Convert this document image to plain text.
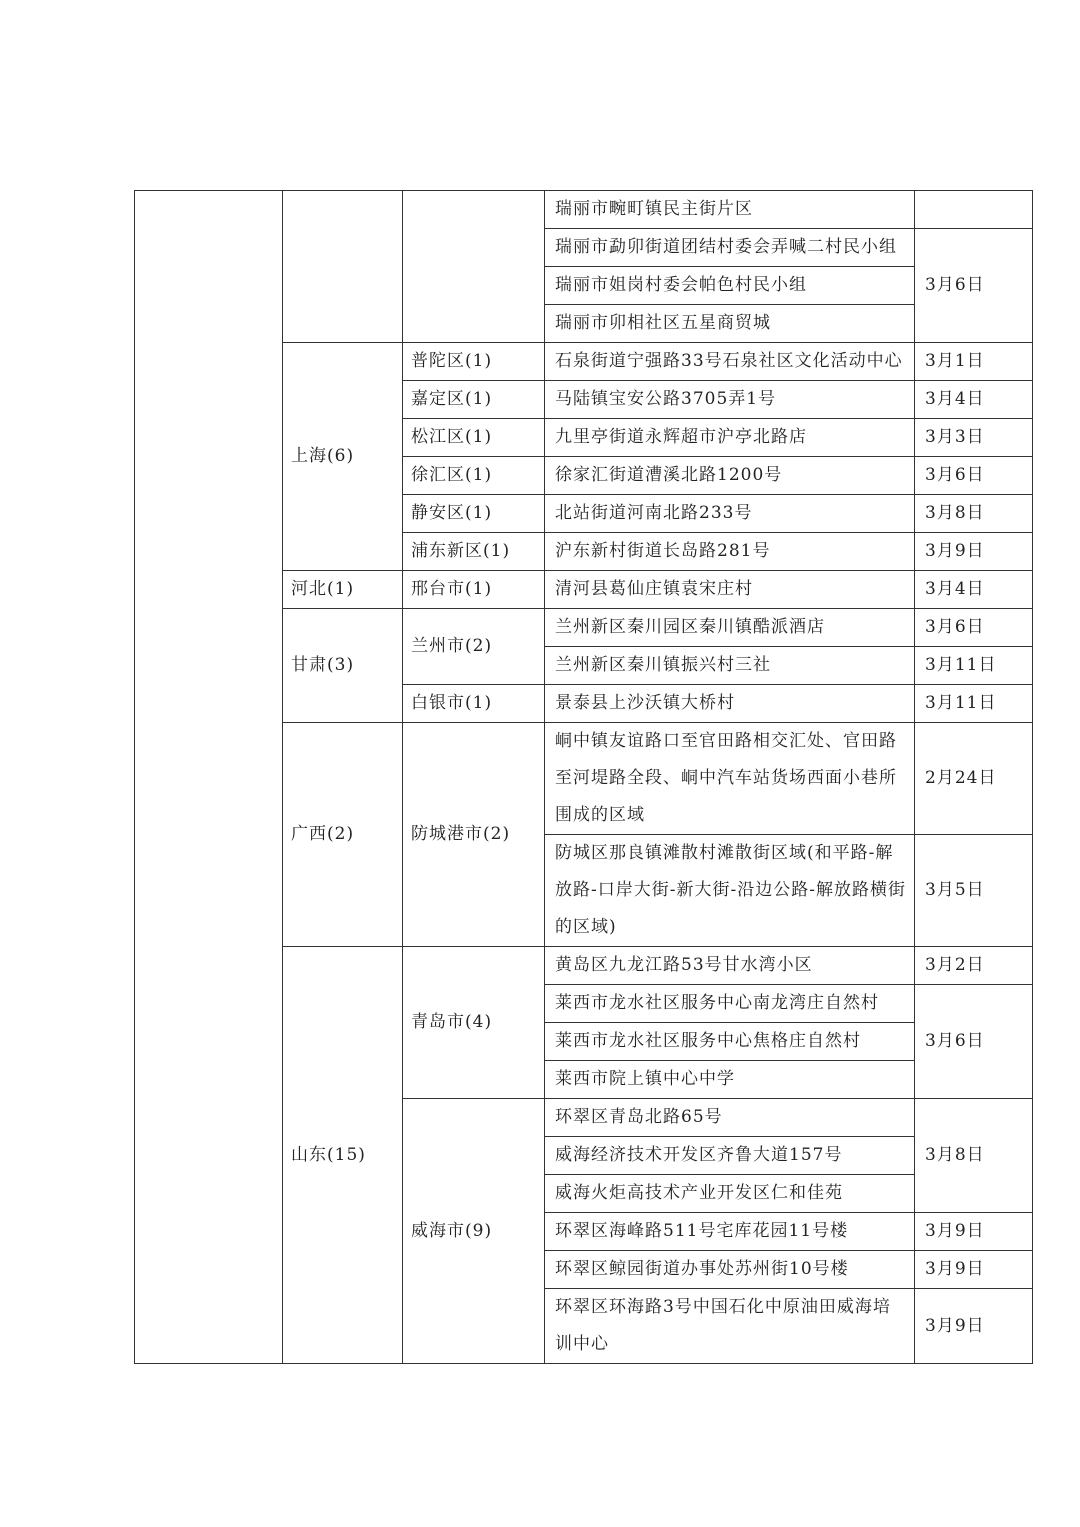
			瑞丽市畹町镇民主街片区	
			瑞丽市勐卯街道团结村委会弄喊二村民小组	3月6日
			瑞丽市姐岗村委会帕色村民小组	
			瑞丽市卯相社区五星商贸城	
	上海(6)	普陀区(1)	石泉街道宁强路33号石泉社区文化活动中心	3月1日
		嘉定区(1)	马陆镇宝安公路3705弄1号	3月4日
		松江区(1)	九里亭街道永辉超市沪亭北路店	3月3日
		徐汇区(1)	徐家汇街道漕溪北路1200号	3月6日
		静安区(1)	北站街道河南北路233号	3月8日
		浦东新区(1)	沪东新村街道长岛路281号	3月9日
	河北(1)	邢台市(1)	清河县葛仙庄镇袁宋庄村	3月4日
	甘肃(3)	兰州市(2)	兰州新区秦川园区秦川镇酷派酒店	3月6日
			兰州新区秦川镇振兴村三社	3月11日
		白银市(1)	景泰县上沙沃镇大桥村	3月11日
	广西(2)	防城港市(2)	峒中镇友谊路口至官田路相交汇处、官田路至河堤路全段、峒中汽车站货场西面小巷所围成的区域	2月24日
			防城区那良镇滩散村滩散街区域(和平路-解放路-口岸大街-新大街-沿边公路-解放路横街的区域)	3月5日
	山东(15)	青岛市(4)	黄岛区九龙江路53号甘水湾小区	3月2日
			莱西市龙水社区服务中心南龙湾庄自然村	3月6日
			莱西市龙水社区服务中心焦格庄自然村	
			莱西市院上镇中心中学	
		威海市(9)	环翠区青岛北路65号	3月8日
			威海经济技术开发区齐鲁大道157号	
			威海火炬高技术产业开发区仁和佳苑	
			环翠区海峰路511号宅库花园11号楼	3月9日
			环翠区鲸园街道办事处苏州街10号楼	3月9日
			环翠区环海路3号中国石化中原油田威海培训中心	3月9日
